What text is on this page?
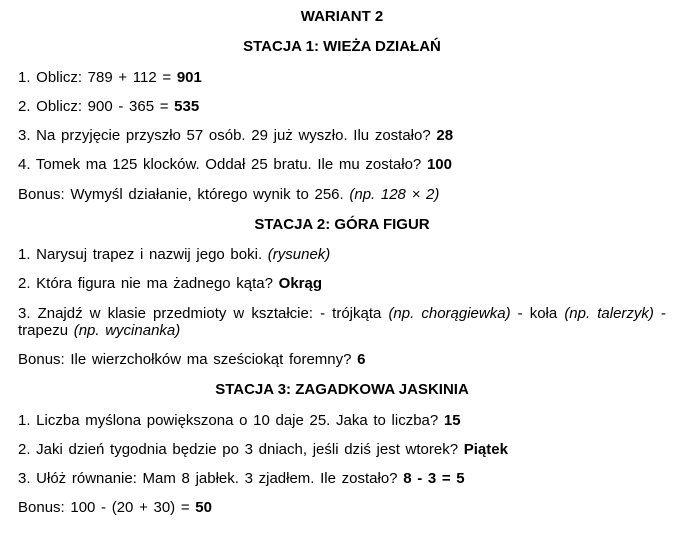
WARIANT 2
STACJA 1: WIEŻA DZIAŁAŃ

1. Oblicz: 789 + 112 = 901

2. Oblicz: 900 - 365 = 535

3. Na przyjęcie przyszło 57 osób. 29 już wyszło. Ilu zostało? 28

4. Tomek ma 125 klocków. Oddał 25 bratu. Ile mu zostało? 100

Bonus: Wymyśl działanie, którego wynik to 256. (np. 128 × 2)

STACJA 2: GÓRA FIGUR

1. Narysuj trapez i nazwij jego boki. (rysunek)

2. Która figura nie ma żadnego kąta? Okrąg

3. Znajdź w klasie przedmioty w kształcie: - trójkąta (np. chorągiewka) - koła (np. talerzyk) - trapezu (np. wycinanka)

Bonus: Ile wierzchołków ma sześciokąt foremny? 6

STACJA 3: ZAGADKOWA JASKINIA

1. Liczba myślona powiększona o 10 daje 25. Jaka to liczba? 15

2. Jaki dzień tygodnia będzie po 3 dniach, jeśli dziś jest wtorek? Piątek

3. Ułóż równanie: Mam 8 jabłek. 3 zjadłem. Ile zostało? 8 - 3 = 5

Bonus: 100 - (20 + 30) = 50
